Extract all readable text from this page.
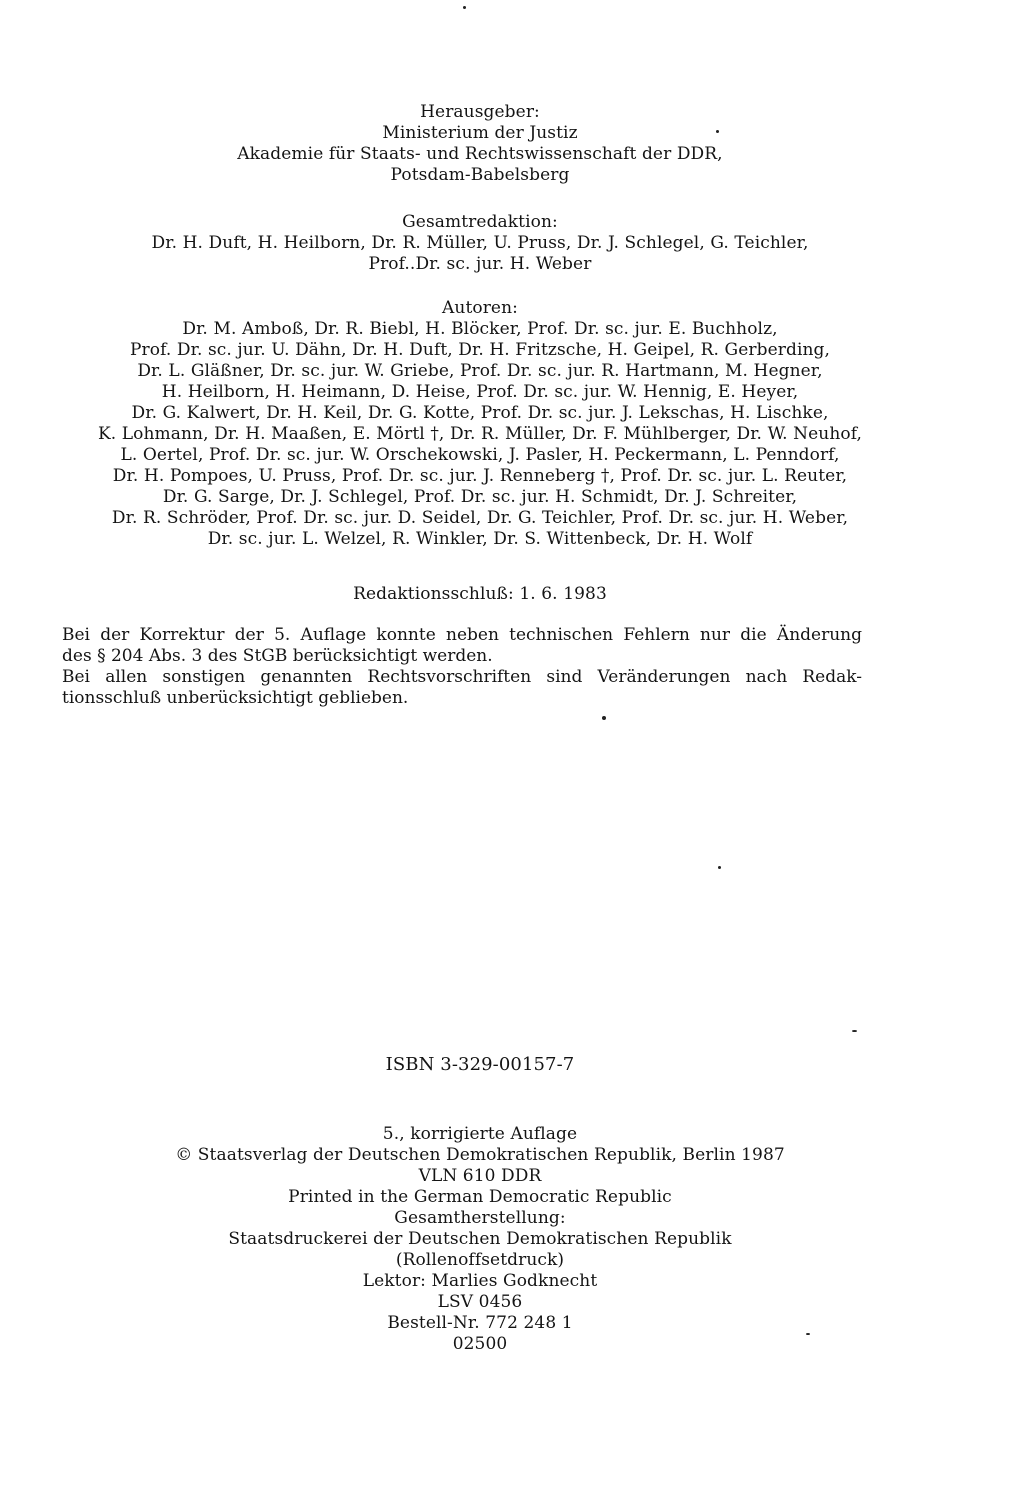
Herausgeber:
Ministerium der Justiz
Akademie für Staats- und Rechtswissenschaft der DDR,
Potsdam-Babelsberg
Gesamtredaktion:
Dr. H. Duft, H. Heilborn, Dr. R. Müller, U. Pruss, Dr. J. Schlegel, G. Teichler,
Prof..Dr. sc. jur. H. Weber
Autoren:
Dr. M. Amboß, Dr. R. Biebl, H. Blöcker, Prof. Dr. sc. jur. E. Buchholz,
Prof. Dr. sc. jur. U. Dähn, Dr. H. Duft, Dr. H. Fritzsche, H. Geipel, R. Gerberding,
Dr. L. Gläßner, Dr. sc. jur. W. Griebe, Prof. Dr. sc. jur. R. Hartmann, M. Hegner,
H. Heilborn, H. Heimann, D. Heise, Prof. Dr. sc. jur. W. Hennig, E. Heyer,
Dr. G. Kalwert, Dr. H. Keil, Dr. G. Kotte, Prof. Dr. sc. jur. J. Lekschas, H. Lischke,
K. Lohmann, Dr. H. Maaßen, E. Mörtl †, Dr. R. Müller, Dr. F. Mühlberger, Dr. W. Neuhof,
L. Oertel, Prof. Dr. sc. jur. W. Orschekowski, J. Pasler, H. Peckermann, L. Penndorf,
Dr. H. Pompoes, U. Pruss, Prof. Dr. sc. jur. J. Renneberg †, Prof. Dr. sc. jur. L. Reuter,
Dr. G. Sarge, Dr. J. Schlegel, Prof. Dr. sc. jur. H. Schmidt, Dr. J. Schreiter,
Dr. R. Schröder, Prof. Dr. sc. jur. D. Seidel, Dr. G. Teichler, Prof. Dr. sc. jur. H. Weber,
Dr. sc. jur. L. Welzel, R. Winkler, Dr. S. Wittenbeck, Dr. H. Wolf
Redaktionsschluß: 1. 6. 1983
Bei der Korrektur der 5. Auflage konnte neben technischen Fehlern nur die Änderung
des § 204 Abs. 3 des StGB berücksichtigt werden.
Bei allen sonstigen genannten Rechtsvorschriften sind Veränderungen nach Redak-
tionsschluß unberücksichtigt geblieben.
ISBN 3-329-00157-7
5., korrigierte Auflage
© Staatsverlag der Deutschen Demokratischen Republik, Berlin 1987
VLN 610 DDR
Printed in the German Democratic Republic
Gesamtherstellung:
Staatsdruckerei der Deutschen Demokratischen Republik
(Rollenoffsetdruck)
Lektor: Marlies Godknecht
LSV 0456
Bestell-Nr. 772 248 1
02500
